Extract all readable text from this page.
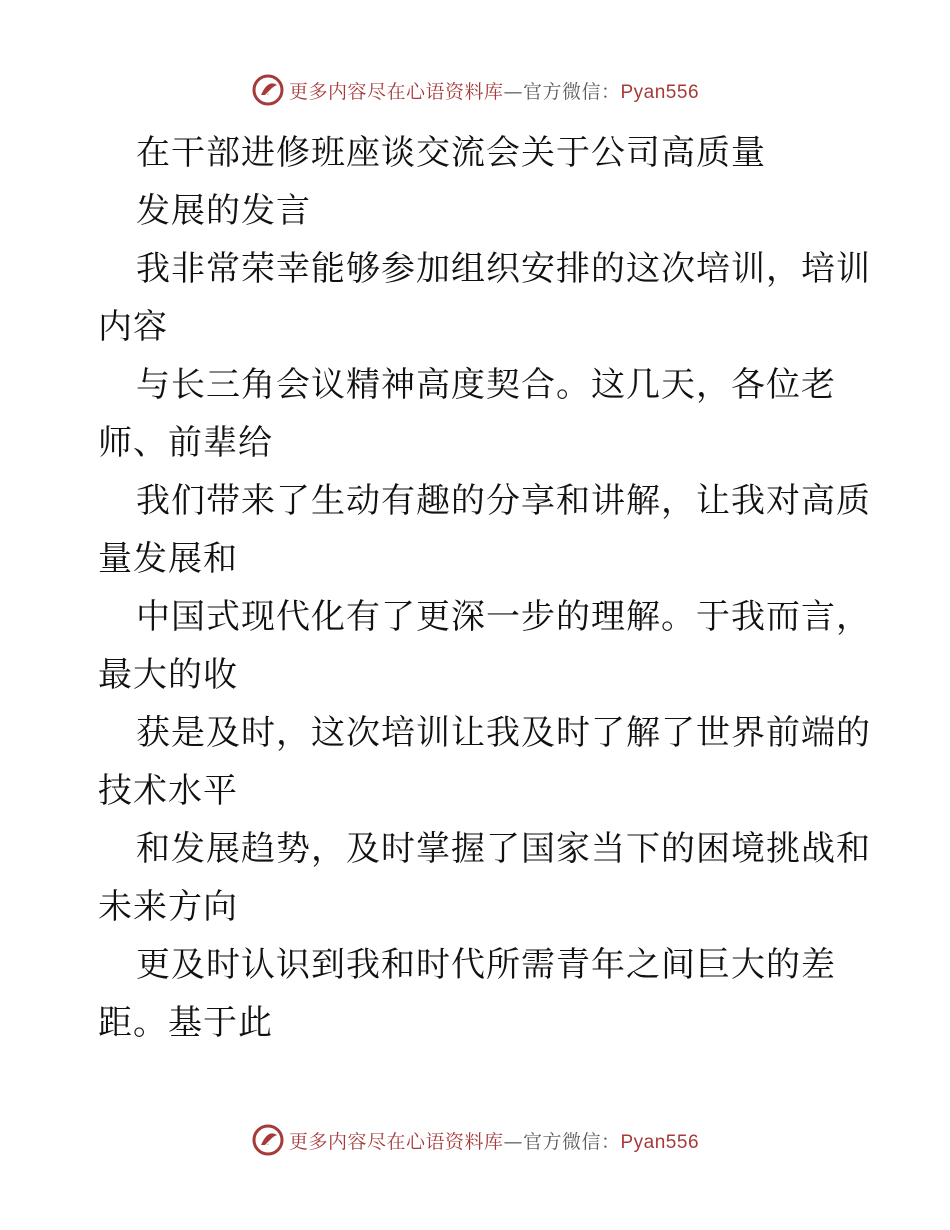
更多内容尽在心语资料库—官方微信：Pyan556
在干部进修班座谈交流会关于公司高质量
发展的发言
我非常荣幸能够参加组织安排的这次培训，培训
内容
与长三角会议精神高度契合。这几天，各位老
师、前辈给
我们带来了生动有趣的分享和讲解，让我对高质
量发展和
中国式现代化有了更深一步的理解。于我而言，
最大的收
获是及时，这次培训让我及时了解了世界前端的
技术水平
和发展趋势，及时掌握了国家当下的困境挑战和
未来方向
更及时认识到我和时代所需青年之间巨大的差
距。基于此
更多内容尽在心语资料库—官方微信：Pyan556
